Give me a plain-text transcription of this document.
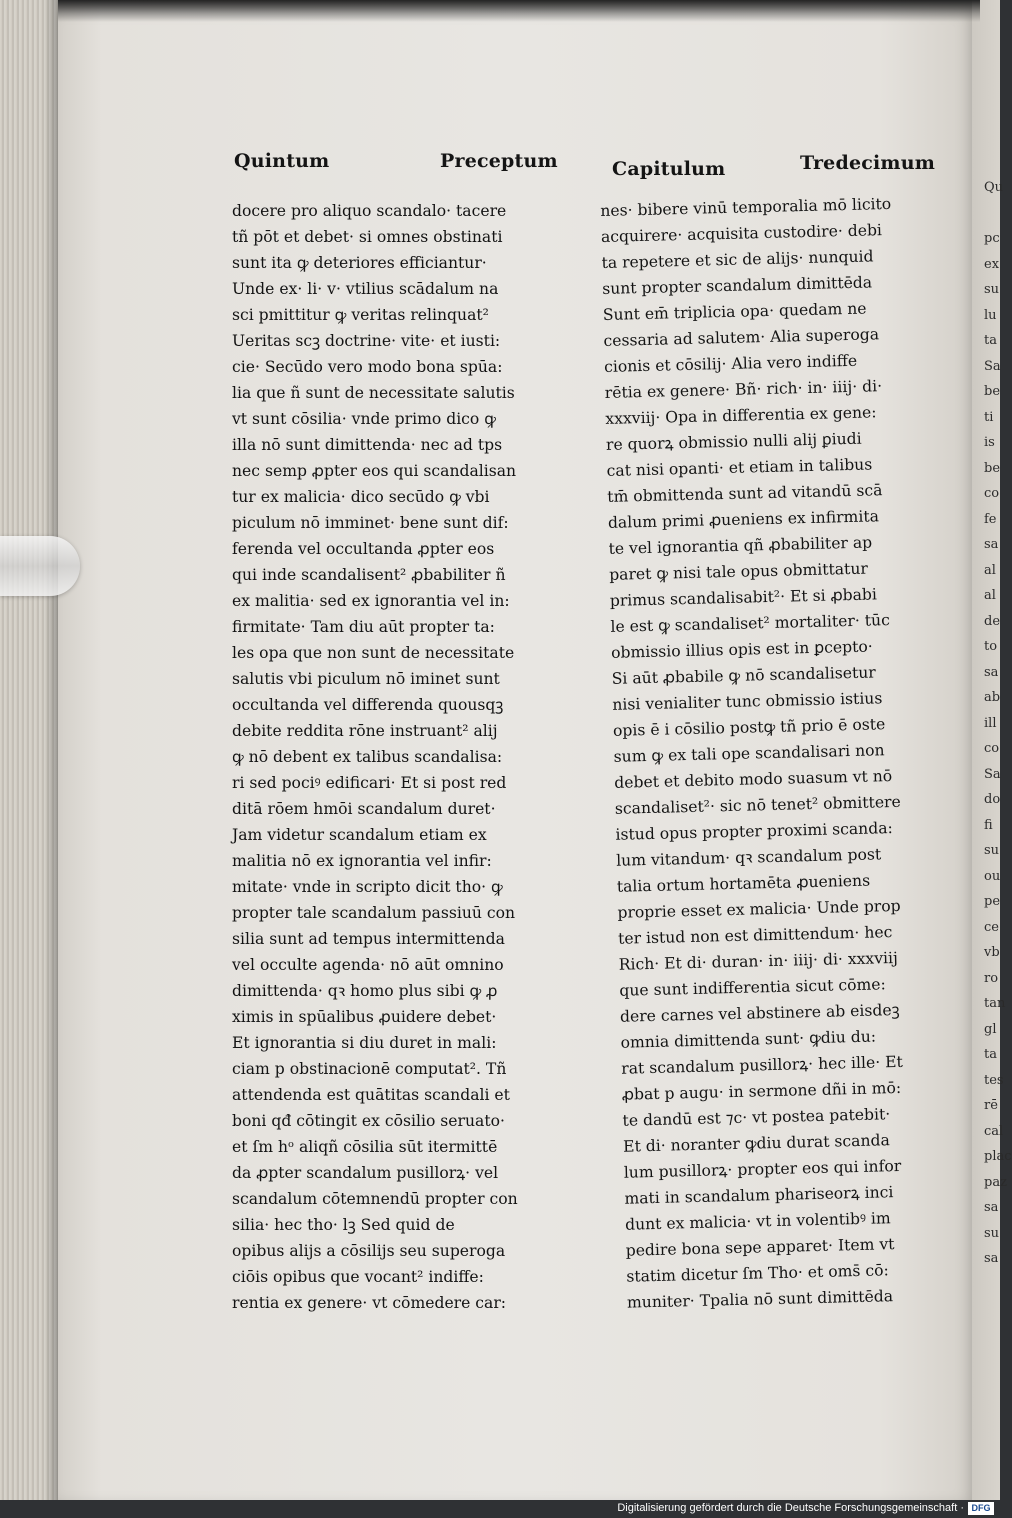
Qu

pc
ex
su
lu
ta
Sa
be
ti
is
be
co
fe
sa
al
al
de
to
sa
ab
ill
co
Sa
do
fi
su
ou
pe
ce
vb
ro
tan
gl
ta
tes
rē
cal
plac
paz
sa
su
sa
Quintum	Preceptum	Capitulum	Tredecimum
docere pro aliquo scandalo· tacere
tñ pōt et debet· si omnes obstinati
sunt ita ꝙ deteriores efficiantur·
Unde ex· li· v· vtilius scādalum na
sci pmittitur ꝙ veritas relinquat²
Ueritas scꝫ doctrine· vite· et iusti:
cie· Secūdo vero modo bona spūa:
lia que ñ sunt de necessitate salutis
vt sunt cōsilia· vnde primo dico ꝙ
illa nō sunt dimittenda· nec ad tps
nec semp ꝓpter eos qui scandalisan
tur ex malicia· dico secūdo ꝙ vbi
piculum nō imminet· bene sunt dif:
ferenda vel occultanda ꝓpter eos
qui inde scandalisent² ꝓbabiliter ñ
ex malitia· sed ex ignorantia vel in:
firmitate· Tam diu aūt propter ta:
les opa que non sunt de necessitate
salutis vbi piculum nō iminet sunt
occultanda vel differenda quousqꝫ
debite reddita rōne instruant² alij
ꝙ nō debent ex talibus scandalisa:
ri sed pociꝰ edificari· Et si post red
ditā rōem hmōi scandalum duret·
Jam videtur scandalum etiam ex
malitia nō ex ignorantia vel infir:
mitate· vnde in scripto dicit tho· ꝙ
propter tale scandalum passiuū con
silia sunt ad tempus intermittenda
vel occulte agenda· nō aūt omnino
dimittenda· qꝛ homo plus sibi ꝙ ꝓ
ximis in spūalibus ꝓuidere debet·
Et ignorantia si diu duret in mali:
ciam p obstinacionē computat². Tñ
attendenda est quātitas scandali et
boni qđ cōtingit ex cōsilio seruato·
et ſm hᵒ aliqñ cōsilia sūt itermittē
da ꝓpter scandalum pusillorꝝ· vel
scandalum cōtemnendū propter con
silia· hec tho· lꝫ Sed quid de
opibus alijs a cōsilijs seu superoga
ciōis opibus que vocant² indiffe:
rentia ex genere· vt cōmedere car:
nes· bibere vinū temporalia mō licito
acquirere· acquisita custodire· debi
ta repetere et sic de alijs· nunquid
sunt propter scandalum dimittēda
Sunt em̄ triplicia opa· quedam ne
cessaria ad salutem· Alia superoga
cionis et cōsilij· Alia vero indiffe
rētia ex genere· Bñ· rich· in· iiij· di·
xxxviij· Opa in differentia ex gene:
re quorꝝ obmissio nulli alij ꝑiudi
cat nisi opanti· et etiam in talibus
tm̄ obmittenda sunt ad vitandū scā
dalum primi ꝓueniens ex infirmita
te vel ignorantia qñ ꝓbabiliter ap
paret ꝙ nisi tale opus obmittatur
primus scandalisabit²· Et si ꝓbabi
le est ꝙ scandaliset² mortaliter· tūc
obmissio illius opis est in ꝑcepto·
Si aūt ꝓbabile ꝙ nō scandalisetur
nisi venialiter tunc obmissio istius
opis ē i cōsilio postꝙ tñ prio ē oste
sum ꝙ ex tali ope scandalisari non
debet et debito modo suasum vt nō
scandaliset²· sic nō tenet² obmittere
istud opus propter proximi scanda:
lum vitandum· qꝛ scandalum post
talia ortum hortamēta ꝓueniens
proprie esset ex malicia· Unde prop
ter istud non est dimittendum· hec
Rich· Et di· duran· in· iiij· di· xxxviij
que sunt indifferentia sicut cōme:
dere carnes vel abstinere ab eisdeꝫ
omnia dimittenda sunt· ꝙdiu du:
rat scandalum pusillorꝝ· hec ille· Et
ꝓbat p augu· in sermone dñi in mō:
te dandū est ⁊c· vt postea patebit·
Et di· noranter ꝙdiu durat scanda
lum pusillorꝝ· propter eos qui infor
mati in scandalum phariseorꝝ inci
dunt ex malicia· vt in volentibꝰ im
pedire bona sepe apparet· Item vt
statim dicetur ſm Tho· et oms̄ cō:
muniter· Tpalia nō sunt dimittēda
Digitalisierung gefördert durch die Deutsche Forschungsgemeinschaft · DFG
